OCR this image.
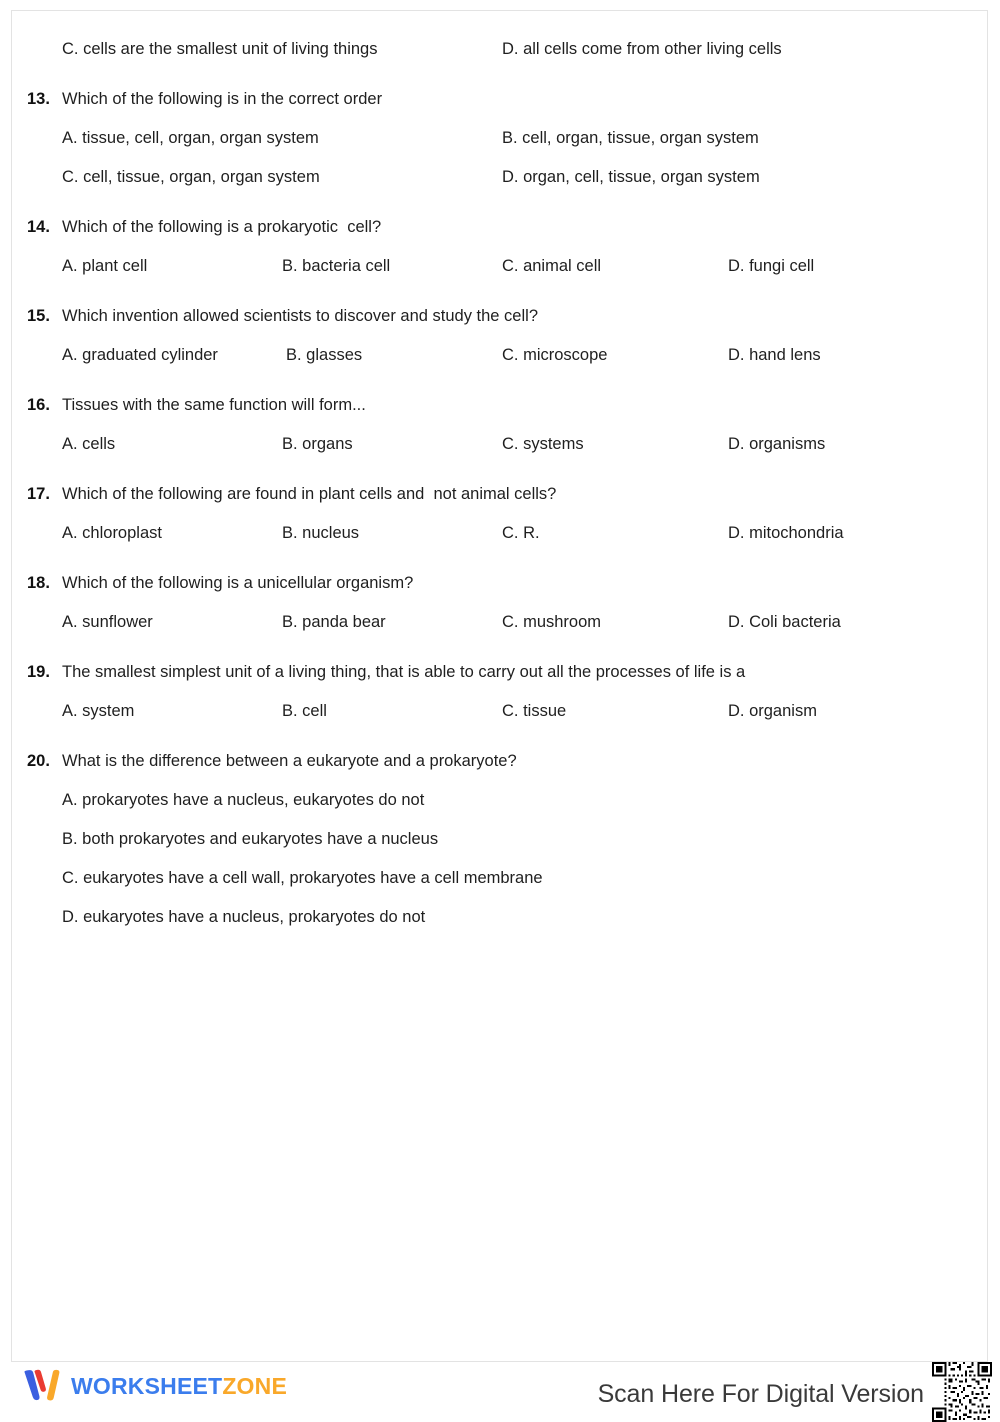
C. cells are the smallest unit of living things	D. all cells come from other living cells
13. Which of the following is in the correct order
A. tissue, cell, organ, organ system	B. cell, organ, tissue, organ system
C. cell, tissue, organ, organ system	D. organ, cell, tissue, organ system
14. Which of the following is a prokaryotic  cell?
A. plant cell	B. bacteria cell	C. animal cell	D. fungi cell
15. Which invention allowed scientists to discover and study the cell?
A. graduated cylinder	B. glasses	C. microscope	D. hand lens
16. Tissues with the same function will form...
A. cells	B. organs	C. systems	D. organisms
17. Which of the following are found in plant cells and  not animal cells?
A. chloroplast	B. nucleus	C. R.	D. mitochondria
18. Which of the following is a unicellular organism?
A. sunflower	B. panda bear	C. mushroom	D. Coli bacteria
19. The smallest simplest unit of a living thing, that is able to carry out all the processes of life is a
A. system	B. cell	C. tissue	D. organism
20. What is the difference between a eukaryote and a prokaryote?
A. prokaryotes have a nucleus, eukaryotes do not
B. both prokaryotes and eukaryotes have a nucleus
C. eukaryotes have a cell wall, prokaryotes have a cell membrane
D. eukaryotes have a nucleus, prokaryotes do not
WORKSHEETZONE	Scan Here For Digital Version
